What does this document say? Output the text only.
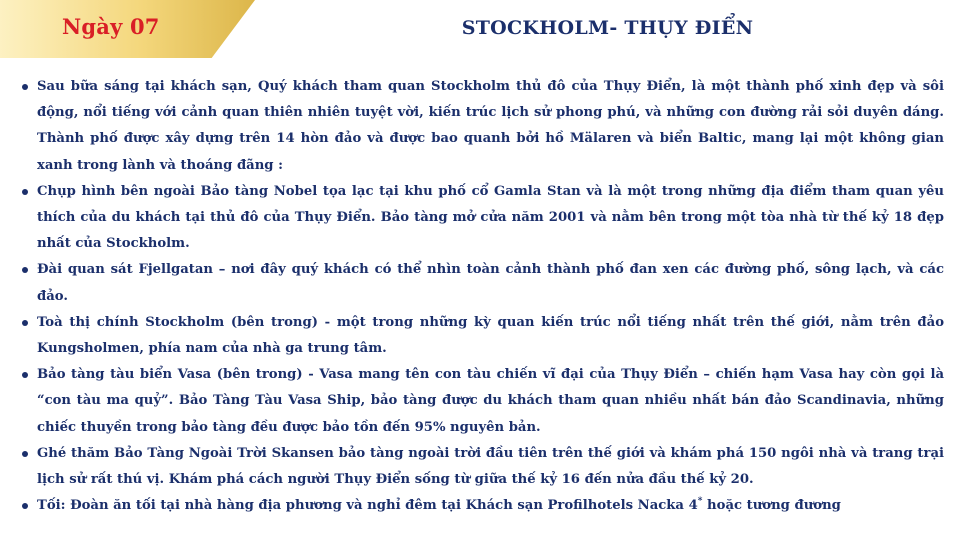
Ngày 07	STOCKHOLM- THỤY ĐIỂN
Sau bữa sáng tại khách sạn, Quý khách tham quan Stockholm thủ đô của Thụy Điển, là một thành phố xinh đẹp và sôi động, nổi tiếng với cảnh quan thiên nhiên tuyệt vời, kiến trúc lịch sử phong phú, và những con đường rải sỏi duyên dáng. Thành phố được xây dựng trên 14 hòn đảo và được bao quanh bởi hồ Mälaren và biển Baltic, mang lại một không gian xanh trong lành và thoáng đãng :
Chụp hình bên ngoài Bảo tàng Nobel tọa lạc tại khu phố cổ Gamla Stan và là một trong những địa điểm tham quan yêu thích của du khách tại thủ đô của Thụy Điển. Bảo tàng mở cửa năm 2001 và nằm bên trong một tòa nhà từ thế kỷ 18 đẹp nhất của Stockholm.
Đài quan sát Fjellgatan – nơi đây quý khách có thể nhìn toàn cảnh thành phố đan xen các đường phố, sông lạch, và các đảo.
Toà thị chính Stockholm (bên trong) - một trong những kỳ quan kiến trúc nổi tiếng nhất trên thế giới, nằm trên đảo Kungsholmen, phía nam của nhà ga trung tâm.
Bảo tàng tàu biển Vasa (bên trong) - Vasa mang tên con tàu chiến vĩ đại của Thụy Điển – chiến hạm Vasa hay còn gọi là “con tàu ma quỷ”. Bảo Tàng Tàu Vasa Ship, bảo tàng được du khách tham quan nhiều nhất bán đảo Scandinavia, những chiếc thuyền trong bảo tàng đều được bảo tồn đến 95% nguyên bản.
Ghé thăm Bảo Tàng Ngoài Trời Skansen bảo tàng ngoài trời đầu tiên trên thế giới và khám phá 150 ngôi nhà và trang trại lịch sử rất thú vị. Khám phá cách người Thụy Điển sống từ giữa thế kỷ 16 đến nửa đầu thế kỷ 20.
Tối: Đoàn ăn tối tại nhà hàng địa phương và nghỉ đêm tại Khách sạn Profilhotels Nacka 4* hoặc tương đương
